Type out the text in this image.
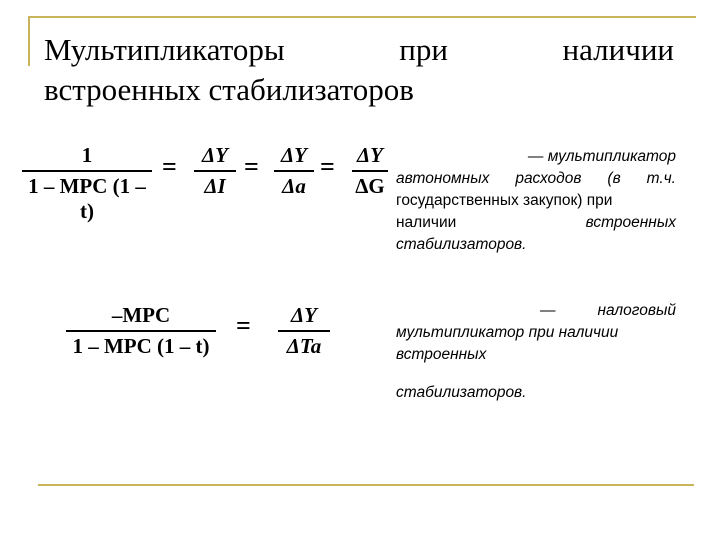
Мультипликаторы	при	наличии
встроенных стабилизаторов
1
1 – MPC (1 – t)
=	ΔY
ΔI
=	ΔY
Δa
= ΔY
ΔG
— мультипликатор
автономных расходов (в т.ч.
государственных закупок) при
наличии	встроенных
стабилизаторов.
–MPC
1 – MPC (1 – t)
=	ΔY
ΔTa
—	налоговый
мультипликатор при наличии
встроенных
стабилизаторов.
